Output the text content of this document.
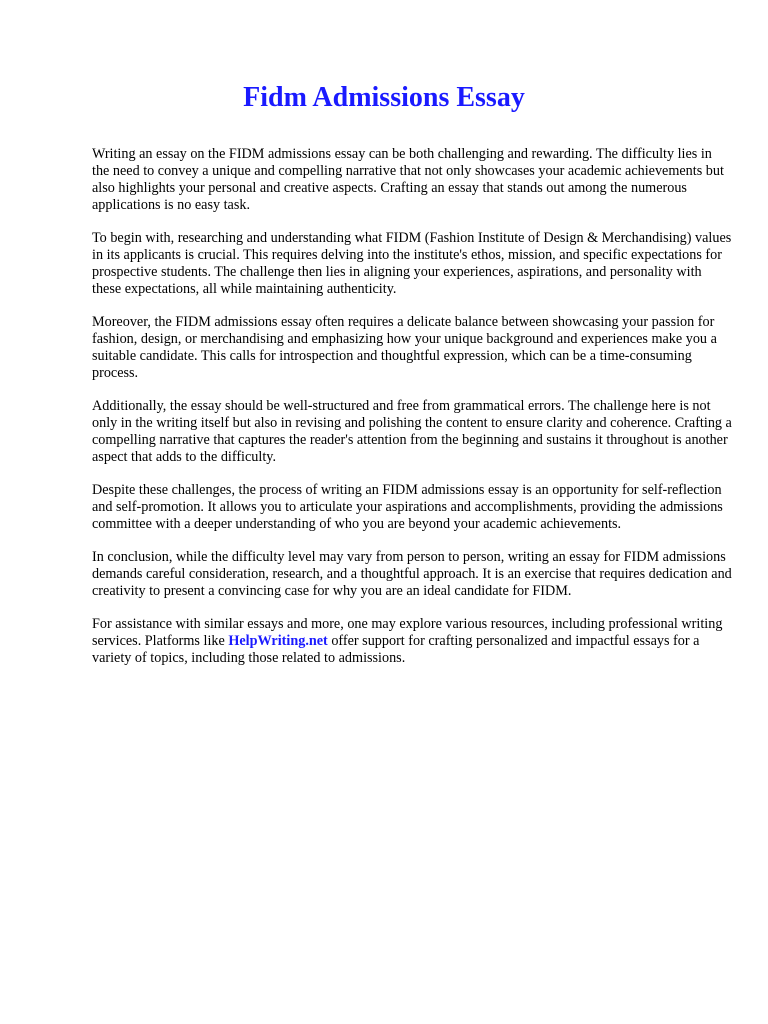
Fidm Admissions Essay

Writing an essay on the FIDM admissions essay can be both challenging and rewarding. The difficulty lies in the need to convey a unique and compelling narrative that not only showcases your academic achievements but also highlights your personal and creative aspects. Crafting an essay that stands out among the numerous applications is no easy task.

To begin with, researching and understanding what FIDM (Fashion Institute of Design & Merchandising) values in its applicants is crucial. This requires delving into the institute's ethos, mission, and specific expectations for prospective students. The challenge then lies in aligning your experiences, aspirations, and personality with these expectations, all while maintaining authenticity.

Moreover, the FIDM admissions essay often requires a delicate balance between showcasing your passion for fashion, design, or merchandising and emphasizing how your unique background and experiences make you a suitable candidate. This calls for introspection and thoughtful expression, which can be a time-consuming process.

Additionally, the essay should be well-structured and free from grammatical errors. The challenge here is not only in the writing itself but also in revising and polishing the content to ensure clarity and coherence. Crafting a compelling narrative that captures the reader's attention from the beginning and sustains it throughout is another aspect that adds to the difficulty.

Despite these challenges, the process of writing an FIDM admissions essay is an opportunity for self-reflection and self-promotion. It allows you to articulate your aspirations and accomplishments, providing the admissions committee with a deeper understanding of who you are beyond your academic achievements.

In conclusion, while the difficulty level may vary from person to person, writing an essay for FIDM admissions demands careful consideration, research, and a thoughtful approach. It is an exercise that requires dedication and creativity to present a convincing case for why you are an ideal candidate for FIDM.

For assistance with similar essays and more, one may explore various resources, including professional writing services. Platforms like HelpWriting.net offer support for crafting personalized and impactful essays for a variety of topics, including those related to admissions.
